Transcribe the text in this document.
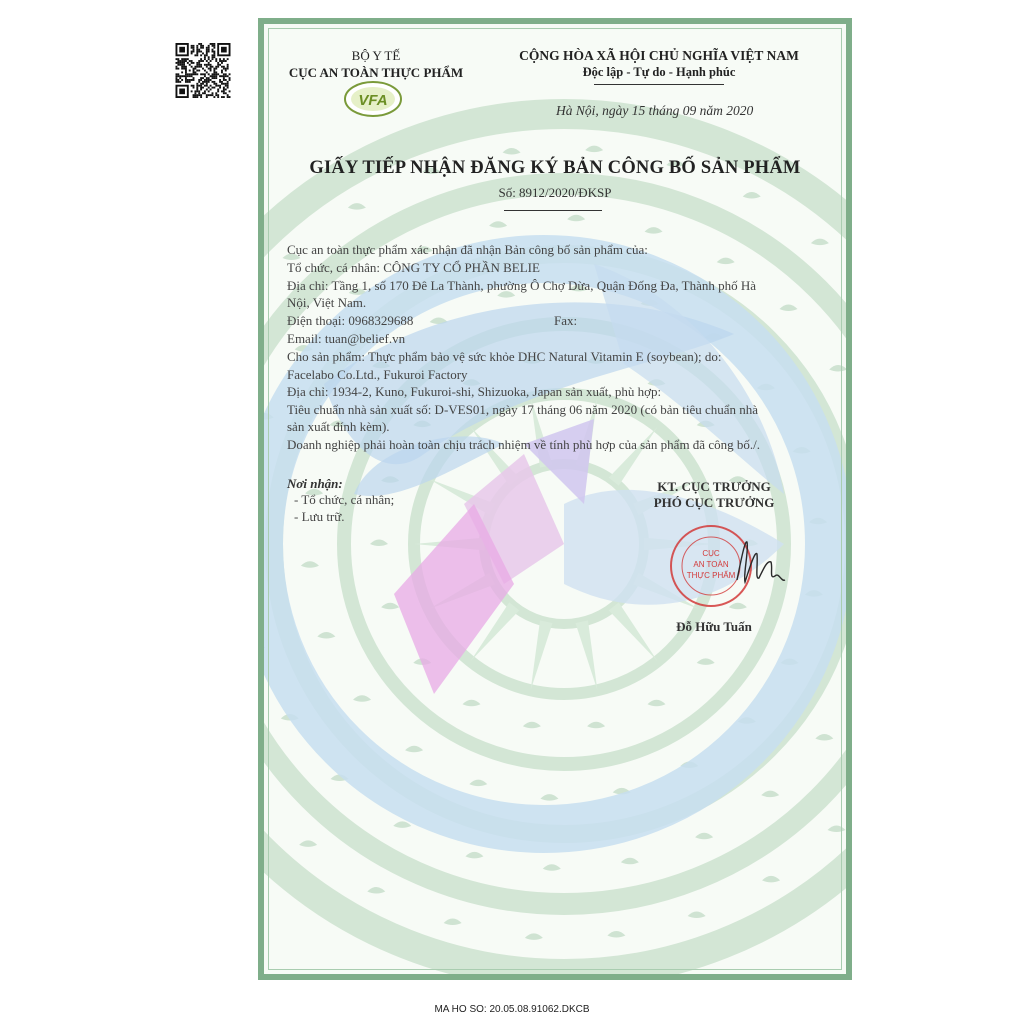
BỘ Y TẾ
CỤC AN TOÀN THỰC PHẨM
VFA
CỘNG HÒA XÃ HỘI CHỦ NGHĨA VIỆT NAM
Độc lập - Tự do - Hạnh phúc
Hà Nội, ngày 15 tháng 09 năm 2020
GIẤY TIẾP NHẬN ĐĂNG KÝ BẢN CÔNG BỐ SẢN PHẨM
Số: 8912/2020/ĐKSP
Cục an toàn thực phẩm xác nhận đã nhận Bản công bố sản phẩm của:
Tổ chức, cá nhân: CÔNG TY CỔ PHẦN BELIE
Địa chỉ: Tầng 1, số 170 Đê La Thành, phường Ô Chợ Dừa, Quận Đống Đa, Thành phố Hà
Nội, Việt Nam.
Điện thoại: 0968329688	Fax:
Email: tuan@belief.vn
Cho sản phẩm: Thực phẩm bảo vệ sức khỏe DHC Natural Vitamin E (soybean); do:
Facelabo Co.Ltd., Fukuroi Factory
Địa chỉ: 1934-2, Kuno, Fukuroi-shi, Shizuoka, Japan sản xuất, phù hợp:
Tiêu chuẩn nhà sản xuất số: D-VES01, ngày 17 tháng 06 năm 2020 (có bản tiêu chuẩn nhà
sản xuất đính kèm).
Doanh nghiệp phải hoàn toàn chịu trách nhiệm về tính phù hợp của sản phẩm đã công bố./.
Nơi nhận:
- Tổ chức, cá nhân;
- Lưu trữ.
KT. CỤC TRƯỞNG
PHÓ CỤC TRƯỞNG
CỤC
AN TOÀN
THỰC PHẨM
Đỗ Hữu Tuấn
MA HO SO: 20.05.08.91062.DKCB
